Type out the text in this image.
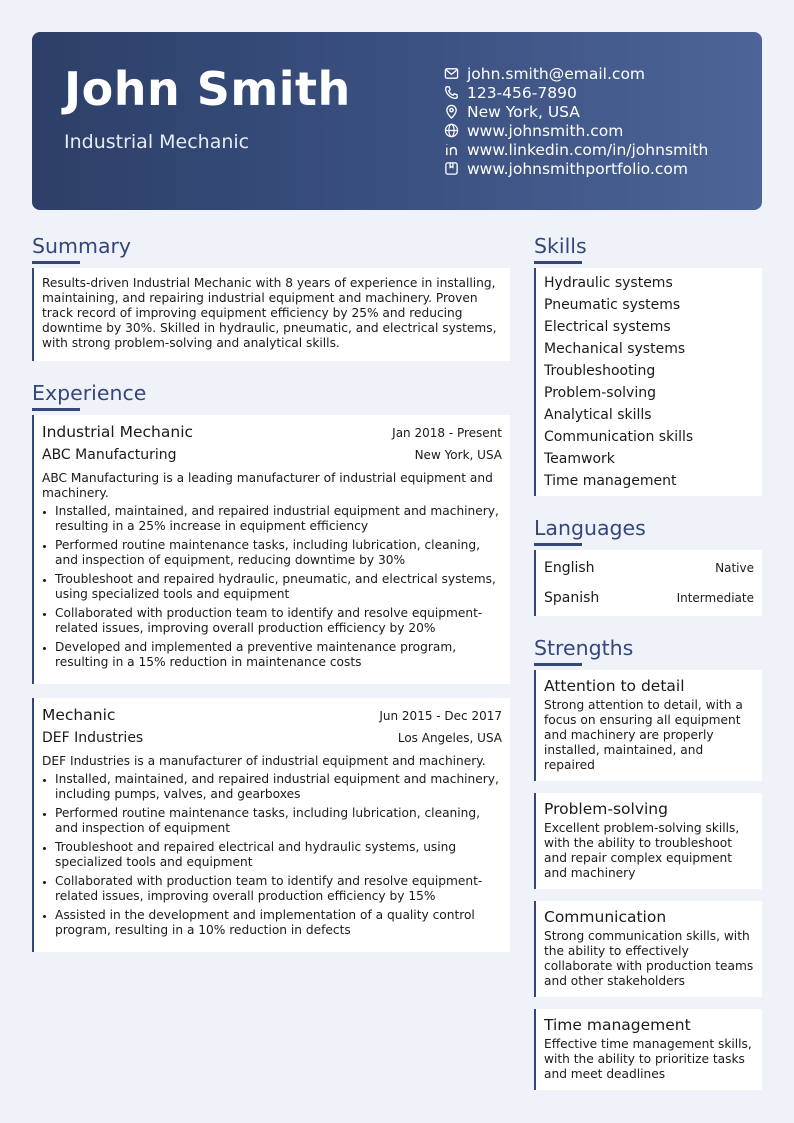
John Smith
Industrial Mechanic
john.smith@email.com
123-456-7890
New York, USA
www.johnsmith.com
www.linkedin.com/in/johnsmith
www.johnsmithportfolio.com
Summary
Results-driven Industrial Mechanic with 8 years of experience in installing, maintaining, and repairing industrial equipment and machinery. Proven track record of improving equipment efficiency by 25% and reducing downtime by 30%. Skilled in hydraulic, pneumatic, and electrical systems, with strong problem-solving and analytical skills.
Experience
Industrial Mechanic	Jan 2018 - Present
ABC Manufacturing	New York, USA
ABC Manufacturing is a leading manufacturer of industrial equipment and machinery.
• Installed, maintained, and repaired industrial equipment and machinery, resulting in a 25% increase in equipment efficiency
• Performed routine maintenance tasks, including lubrication, cleaning, and inspection of equipment, reducing downtime by 30%
• Troubleshoot and repaired hydraulic, pneumatic, and electrical systems, using specialized tools and equipment
• Collaborated with production team to identify and resolve equipment-related issues, improving overall production efficiency by 20%
• Developed and implemented a preventive maintenance program, resulting in a 15% reduction in maintenance costs
Mechanic	Jun 2015 - Dec 2017
DEF Industries	Los Angeles, USA
DEF Industries is a manufacturer of industrial equipment and machinery.
• Installed, maintained, and repaired industrial equipment and machinery, including pumps, valves, and gearboxes
• Performed routine maintenance tasks, including lubrication, cleaning, and inspection of equipment
• Troubleshoot and repaired electrical and hydraulic systems, using specialized tools and equipment
• Collaborated with production team to identify and resolve equipment-related issues, improving overall production efficiency by 15%
• Assisted in the development and implementation of a quality control program, resulting in a 10% reduction in defects
Skills
Hydraulic systems
Pneumatic systems
Electrical systems
Mechanical systems
Troubleshooting
Problem-solving
Analytical skills
Communication skills
Teamwork
Time management
Languages
English	Native
Spanish	Intermediate
Strengths
Attention to detail
Strong attention to detail, with a focus on ensuring all equipment and machinery are properly installed, maintained, and repaired
Problem-solving
Excellent problem-solving skills, with the ability to troubleshoot and repair complex equipment and machinery
Communication
Strong communication skills, with the ability to effectively collaborate with production teams and other stakeholders
Time management
Effective time management skills, with the ability to prioritize tasks and meet deadlines
